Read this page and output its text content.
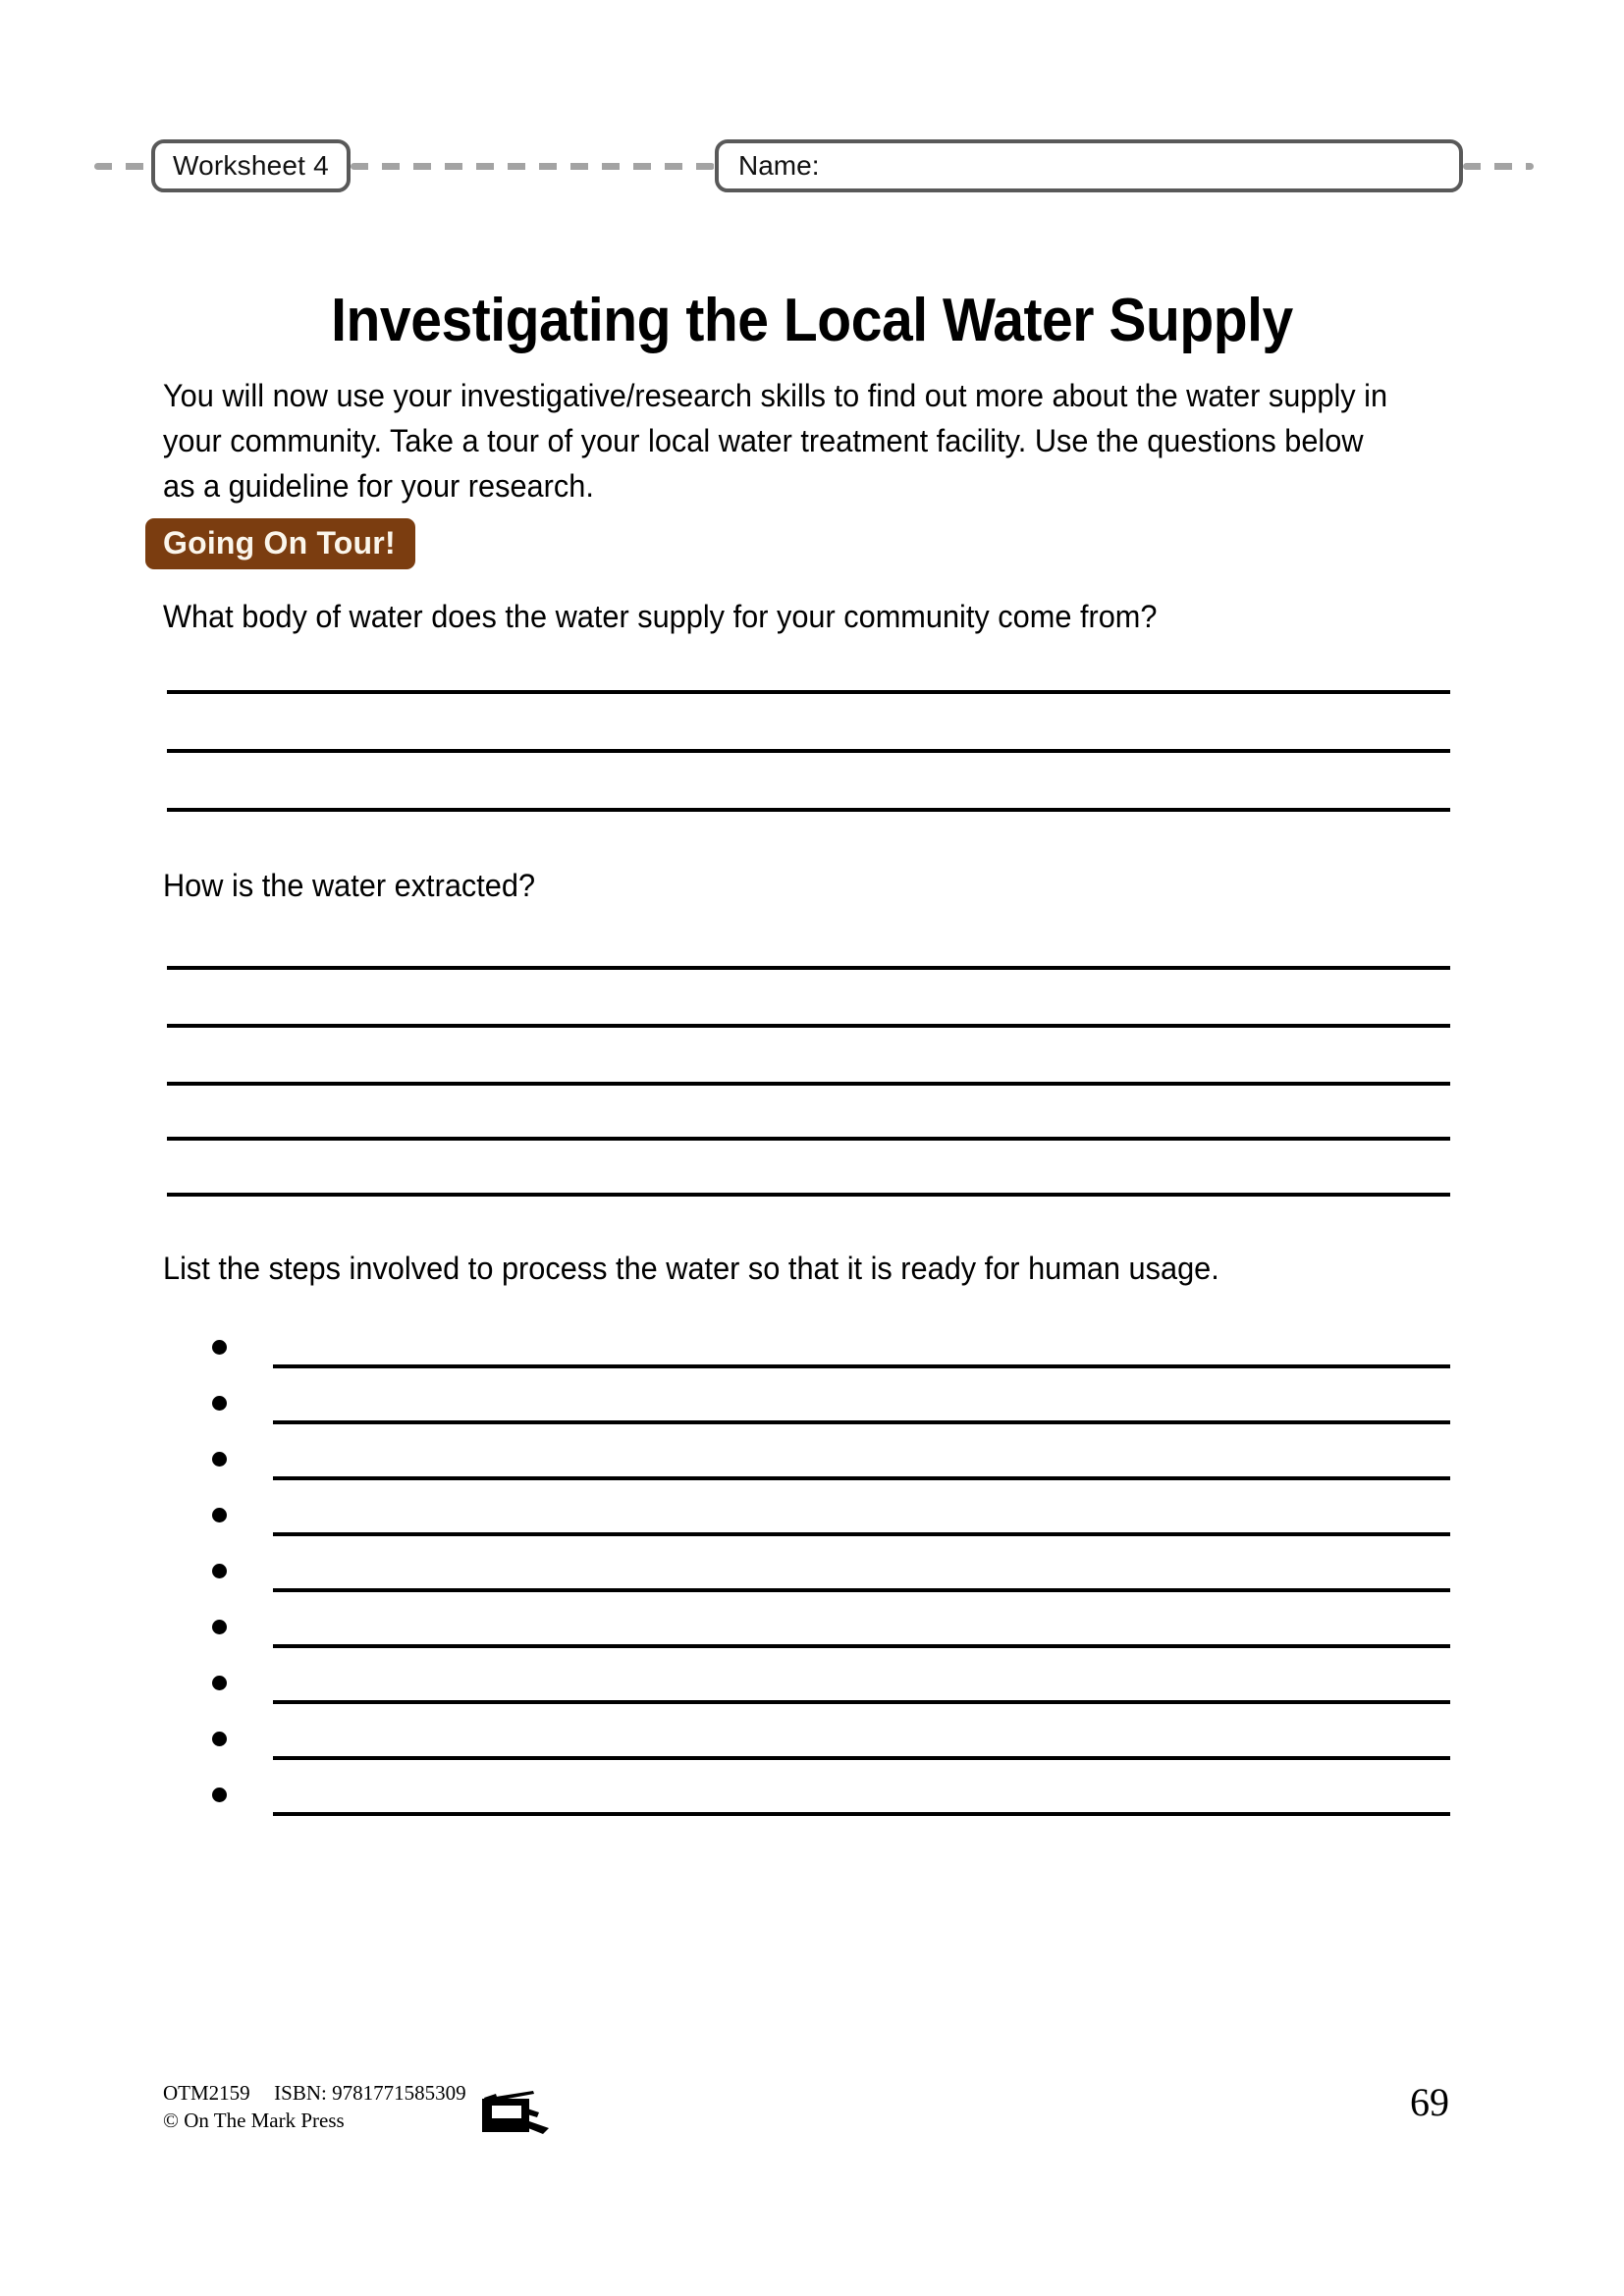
Worksheet 4	Name:
Investigating the Local Water Supply

You will now use your investigative/research skills to find out more about the water supply in your community. Take a tour of your local water treatment facility. Use the questions below as a guideline for your research.

Going On Tour!
What body of water does the water supply for your community come from?
How is the water extracted?
List the steps involved to process the water so that it is ready for human usage.
OTM2159 ISBN: 9781771585309
© On The Mark Press	69
